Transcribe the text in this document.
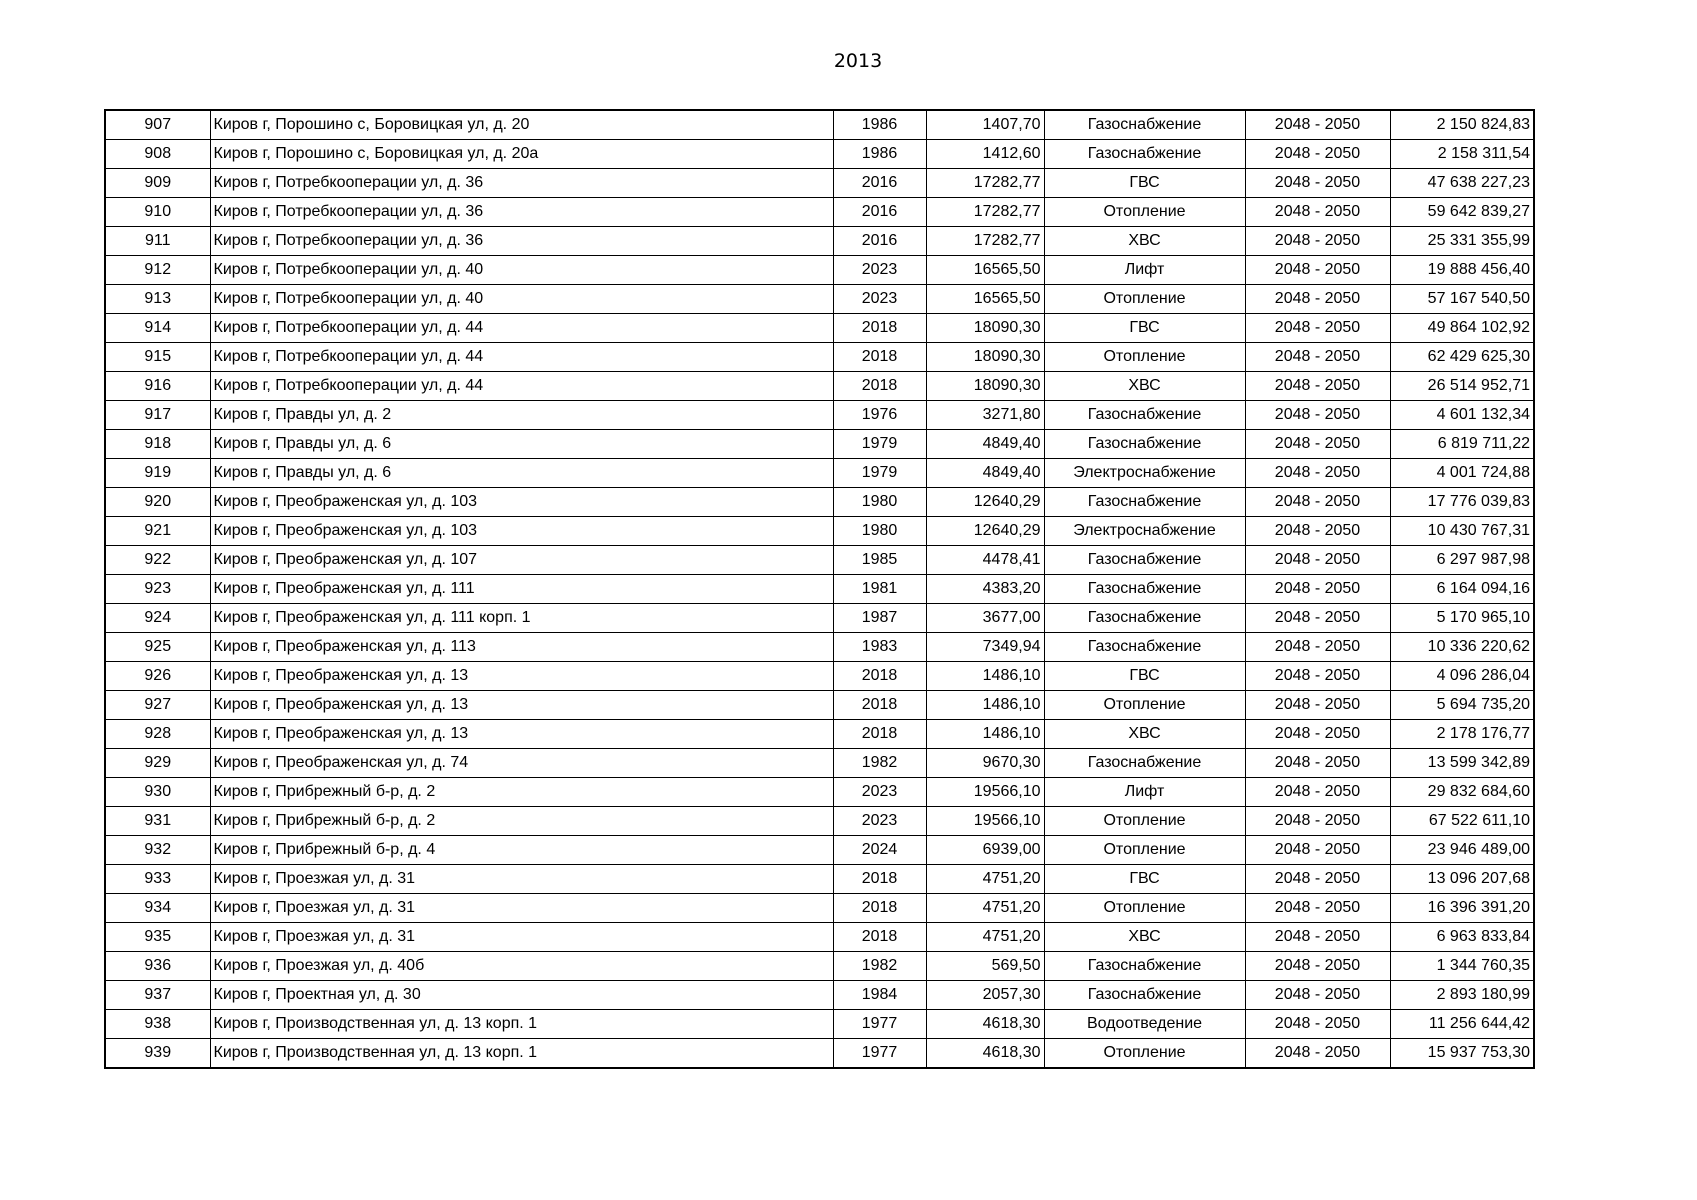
2013
907	Киров г, Порошино с, Боровицкая ул, д. 20	1986	1407,70	Газоснабжение	2048 - 2050	2 150 824,83
908	Киров г, Порошино с, Боровицкая ул, д. 20а	1986	1412,60	Газоснабжение	2048 - 2050	2 158 311,54
909	Киров г, Потребкооперации ул, д. 36	2016	17282,77	ГВС	2048 - 2050	47 638 227,23
910	Киров г, Потребкооперации ул, д. 36	2016	17282,77	Отопление	2048 - 2050	59 642 839,27
911	Киров г, Потребкооперации ул, д. 36	2016	17282,77	ХВС	2048 - 2050	25 331 355,99
912	Киров г, Потребкооперации ул, д. 40	2023	16565,50	Лифт	2048 - 2050	19 888 456,40
913	Киров г, Потребкооперации ул, д. 40	2023	16565,50	Отопление	2048 - 2050	57 167 540,50
914	Киров г, Потребкооперации ул, д. 44	2018	18090,30	ГВС	2048 - 2050	49 864 102,92
915	Киров г, Потребкооперации ул, д. 44	2018	18090,30	Отопление	2048 - 2050	62 429 625,30
916	Киров г, Потребкооперации ул, д. 44	2018	18090,30	ХВС	2048 - 2050	26 514 952,71
917	Киров г, Правды ул, д. 2	1976	3271,80	Газоснабжение	2048 - 2050	4 601 132,34
918	Киров г, Правды ул, д. 6	1979	4849,40	Газоснабжение	2048 - 2050	6 819 711,22
919	Киров г, Правды ул, д. 6	1979	4849,40	Электроснабжение	2048 - 2050	4 001 724,88
920	Киров г, Преображенская ул, д. 103	1980	12640,29	Газоснабжение	2048 - 2050	17 776 039,83
921	Киров г, Преображенская ул, д. 103	1980	12640,29	Электроснабжение	2048 - 2050	10 430 767,31
922	Киров г, Преображенская ул, д. 107	1985	4478,41	Газоснабжение	2048 - 2050	6 297 987,98
923	Киров г, Преображенская ул, д. 111	1981	4383,20	Газоснабжение	2048 - 2050	6 164 094,16
924	Киров г, Преображенская ул, д. 111 корп. 1	1987	3677,00	Газоснабжение	2048 - 2050	5 170 965,10
925	Киров г, Преображенская ул, д. 113	1983	7349,94	Газоснабжение	2048 - 2050	10 336 220,62
926	Киров г, Преображенская ул, д. 13	2018	1486,10	ГВС	2048 - 2050	4 096 286,04
927	Киров г, Преображенская ул, д. 13	2018	1486,10	Отопление	2048 - 2050	5 694 735,20
928	Киров г, Преображенская ул, д. 13	2018	1486,10	ХВС	2048 - 2050	2 178 176,77
929	Киров г, Преображенская ул, д. 74	1982	9670,30	Газоснабжение	2048 - 2050	13 599 342,89
930	Киров г, Прибрежный б-р, д. 2	2023	19566,10	Лифт	2048 - 2050	29 832 684,60
931	Киров г, Прибрежный б-р, д. 2	2023	19566,10	Отопление	2048 - 2050	67 522 611,10
932	Киров г, Прибрежный б-р, д. 4	2024	6939,00	Отопление	2048 - 2050	23 946 489,00
933	Киров г, Проезжая ул, д. 31	2018	4751,20	ГВС	2048 - 2050	13 096 207,68
934	Киров г, Проезжая ул, д. 31	2018	4751,20	Отопление	2048 - 2050	16 396 391,20
935	Киров г, Проезжая ул, д. 31	2018	4751,20	ХВС	2048 - 2050	6 963 833,84
936	Киров г, Проезжая ул, д. 40б	1982	569,50	Газоснабжение	2048 - 2050	1 344 760,35
937	Киров г, Проектная ул, д. 30	1984	2057,30	Газоснабжение	2048 - 2050	2 893 180,99
938	Киров г, Производственная ул, д. 13 корп. 1	1977	4618,30	Водоотведение	2048 - 2050	11 256 644,42
939	Киров г, Производственная ул, д. 13 корп. 1	1977	4618,30	Отопление	2048 - 2050	15 937 753,30
